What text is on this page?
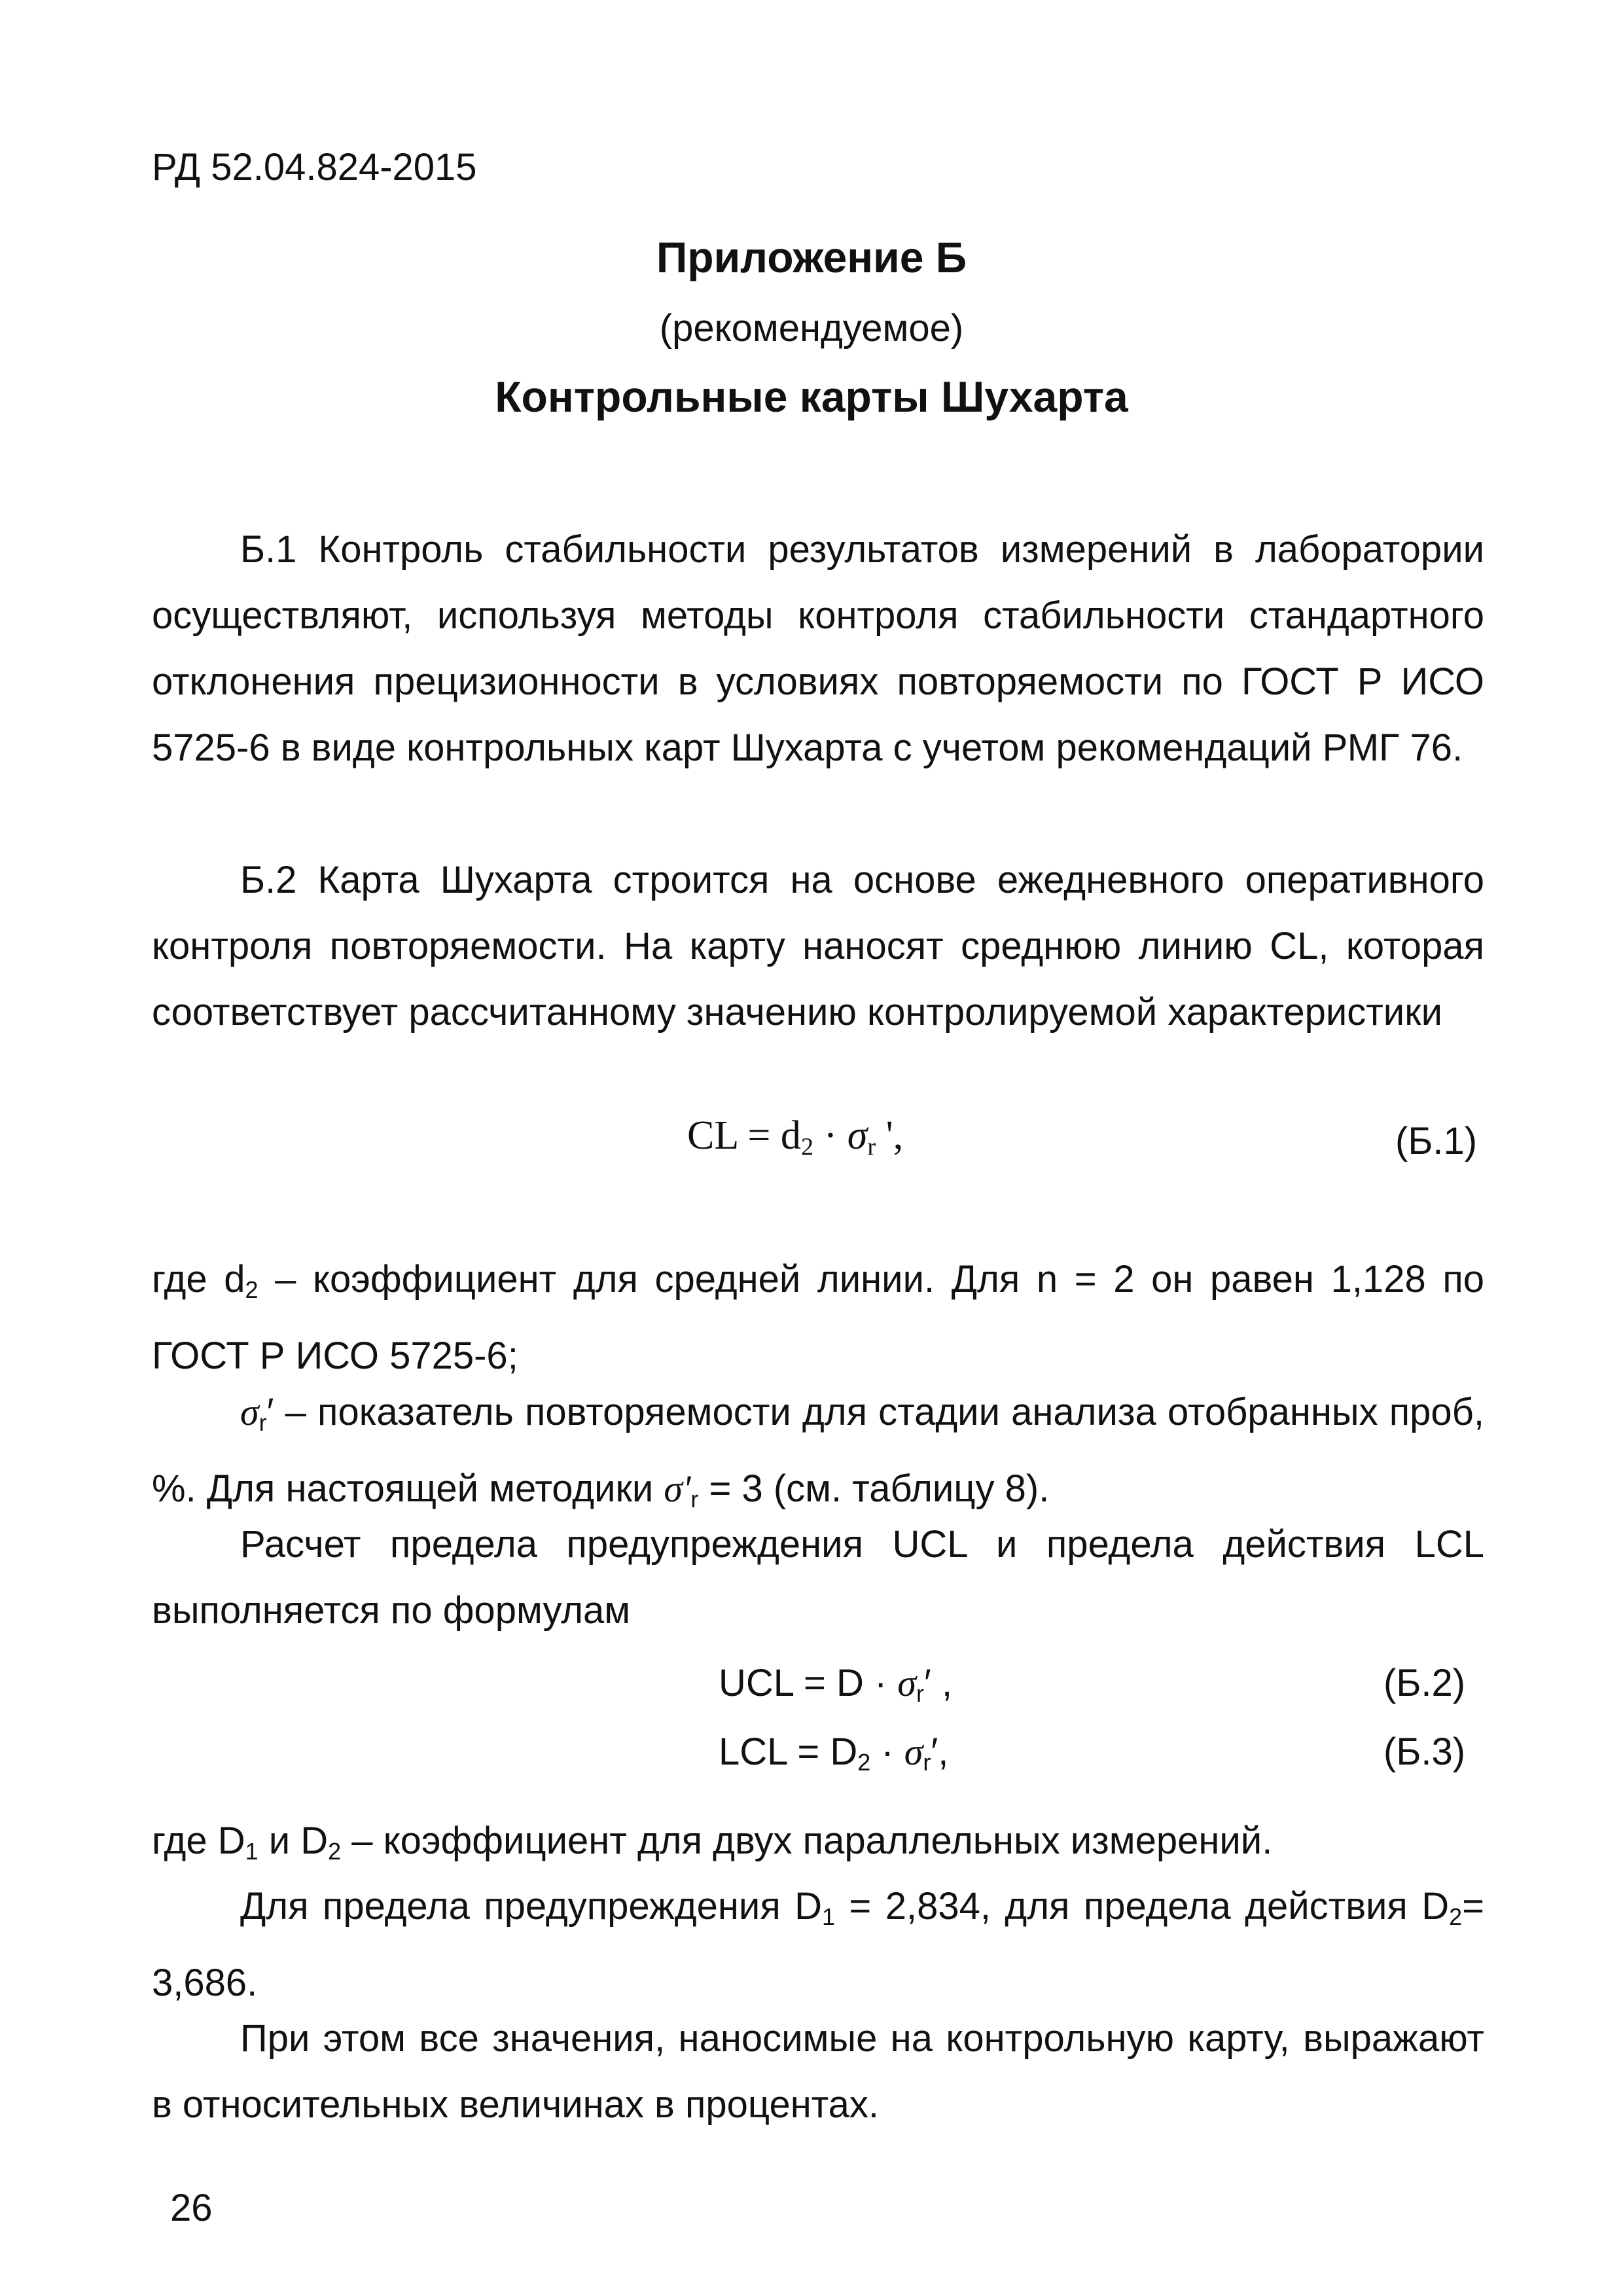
РД 52.04.824-2015
Приложение Б
(рекомендуемое)
Контрольные карты Шухарта
Б.1 Контроль стабильности результатов измерений в лаборатории осуществляют, используя методы контроля стабильности стандартного отклонения прецизионности в условиях повторяемости по ГОСТ Р ИСО 5725-6 в виде контрольных карт Шухарта с учетом рекомендаций РМГ 76.
Б.2 Карта Шухарта строится на основе ежедневного оперативного контроля повторяемости. На карту наносят среднюю линию CL, которая соответствует рассчитанному значению контролируемой характеристики
CL = $d_2 \cdot \sigma_r$ ',	(Б.1)
где $d_2$ – коэффициент для средней линии. Для n = 2 он равен 1,128 по ГОСТ Р ИСО 5725-6;
$\sigma_r'$ – показатель повторяемости для стадии анализа отобранных проб, %. Для настоящей методики $\sigma'_r = 3$ (см. таблицу 8).
Расчет предела предупреждения UCL и предела действия LCL выполняется по формулам
UCL = $D \cdot \sigma_r'$ ,	(Б.2)
LCL = $D_2 \cdot \sigma_r'$,	(Б.3)
где $D_1$ и $D_2$ – коэффициент для двух параллельных измерений.
Для предела предупреждения $D_1 = 2,834$, для предела действия $D_2= 3,686$.
При этом все значения, наносимые на контрольную карту, выражают в относительных величинах в процентах.
26
